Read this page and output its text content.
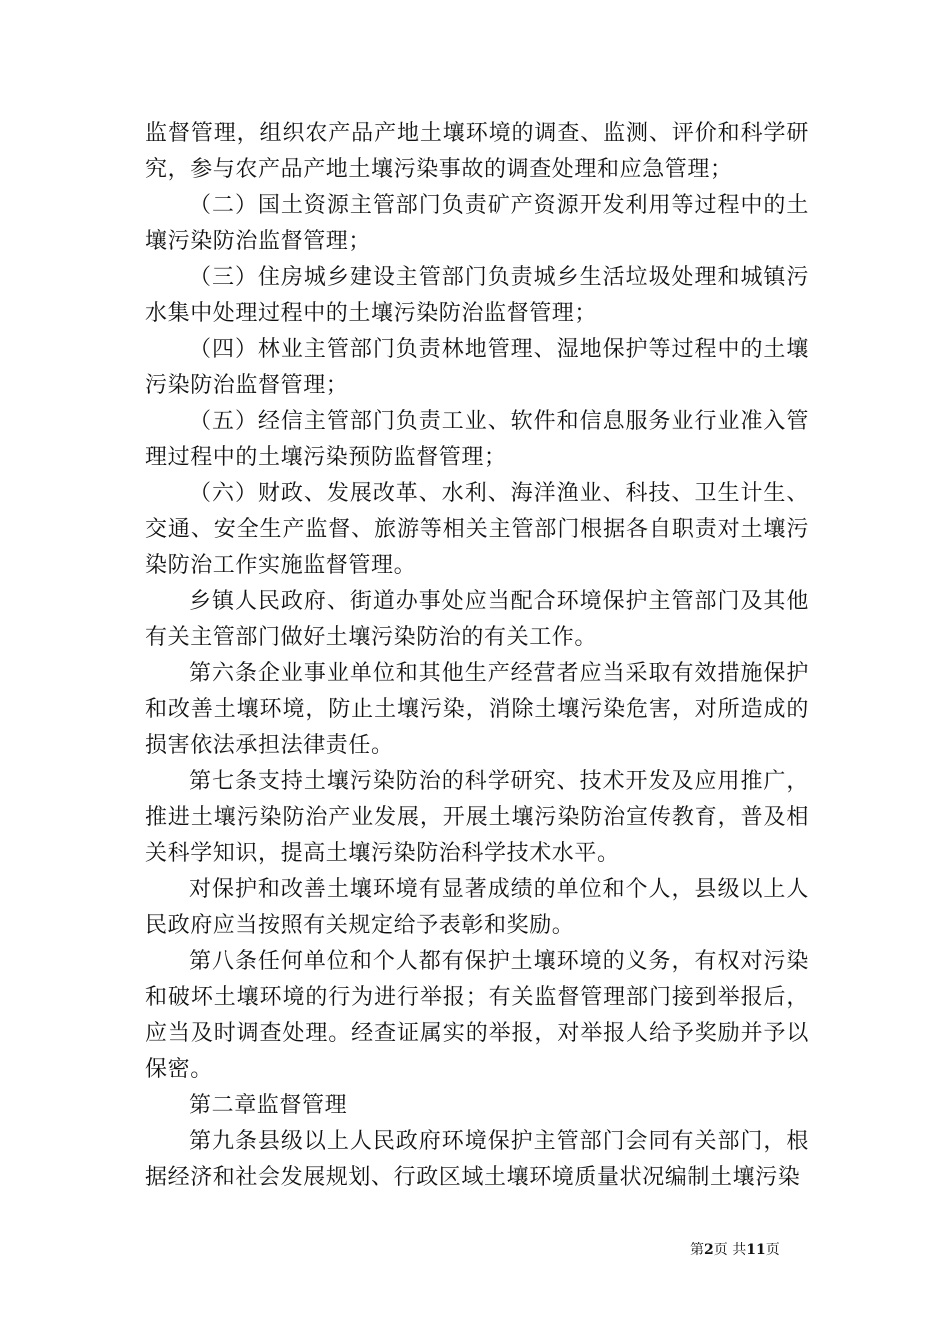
监督管理，组织农产品产地土壤环境的调查、监测、评价和科学研究，参与农产品产地土壤污染事故的调查处理和应急管理；

（二）国土资源主管部门负责矿产资源开发利用等过程中的土壤污染防治监督管理；

（三）住房城乡建设主管部门负责城乡生活垃圾处理和城镇污水集中处理过程中的土壤污染防治监督管理；

（四）林业主管部门负责林地管理、湿地保护等过程中的土壤污染防治监督管理；

（五）经信主管部门负责工业、软件和信息服务业行业准入管理过程中的土壤污染预防监督管理；

（六）财政、发展改革、水利、海洋渔业、科技、卫生计生、交通、安全生产监督、旅游等相关主管部门根据各自职责对土壤污染防治工作实施监督管理。

乡镇人民政府、街道办事处应当配合环境保护主管部门及其他有关主管部门做好土壤污染防治的有关工作。

第六条企业事业单位和其他生产经营者应当采取有效措施保护和改善土壤环境，防止土壤污染，消除土壤污染危害，对所造成的损害依法承担法律责任。

第七条支持土壤污染防治的科学研究、技术开发及应用推广，推进土壤污染防治产业发展，开展土壤污染防治宣传教育，普及相关科学知识，提高土壤污染防治科学技术水平。

对保护和改善土壤环境有显著成绩的单位和个人，县级以上人民政府应当按照有关规定给予表彰和奖励。

第八条任何单位和个人都有保护土壤环境的义务，有权对污染和破坏土壤环境的行为进行举报；有关监督管理部门接到举报后，应当及时调查处理。经查证属实的举报，对举报人给予奖励并予以保密。

第二章监督管理

第九条县级以上人民政府环境保护主管部门会同有关部门，根据经济和社会发展规划、行政区域土壤环境质量状况编制土壤污染

第2页 共11页
